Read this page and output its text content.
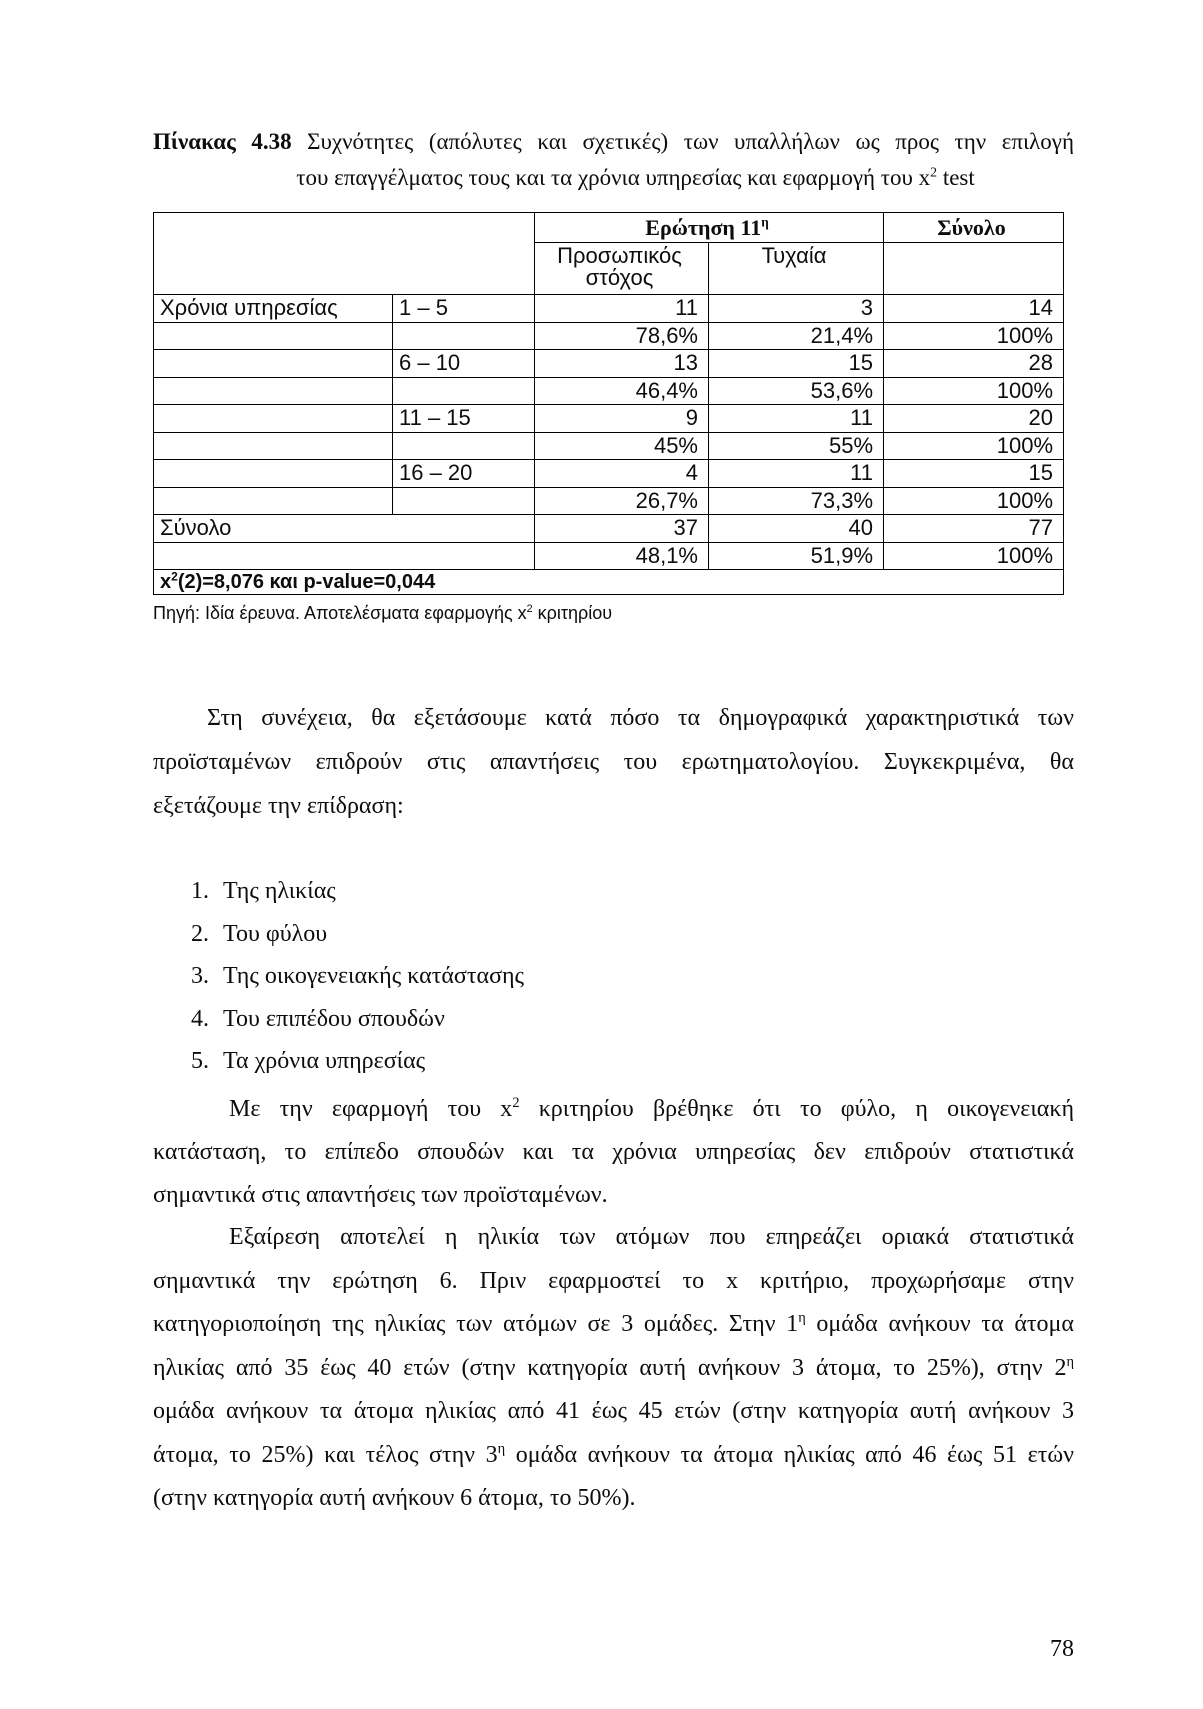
Πίνακας 4.38 Συχνότητες (απόλυτες και σχετικές) των υπαλλήλων ως προς την επιλογή
του επαγγέλματος τους και τα χρόνια υπηρεσίας και εφαρμογή του $x^2$ test
		Ερώτηση $11^\eta$		Σύνολο
		Προσωπικός στόχος	Τυχαία	
Χρόνια υπηρεσίας	1 – 5	11	3	14
		78,6%	21,4%	100%
	6 – 10	13	15	28
		46,4%	53,6%	100%
	11 – 15	9	11	20
		45%	55%	100%
	16 – 20	4	11	15
		26,7%	73,3%	100%
Σύνολο		37	40	77
		48,1%	51,9%	100%
$x^2(2)=8,076$ και p-value=0,044				
Πηγή: Ιδία έρευνα. Αποτελέσματα εφαρμογής $x^2$ κριτηρίου
Στη συνέχεια, θα εξετάσουμε κατά πόσο τα δημογραφικά χαρακτηριστικά των
προϊσταμένων επιδρούν στις απαντήσεις του ερωτηματολογίου. Συγκεκριμένα, θα
εξετάζουμε την επίδραση:
1. Της ηλικίας
2. Του φύλου
3. Της οικογενειακής κατάστασης
4. Του επιπέδου σπουδών
5. Τα χρόνια υπηρεσίας
Με την εφαρμογή του $x^2$ κριτηρίου βρέθηκε ότι το φύλο, η οικογενειακή
κατάσταση, το επίπεδο σπουδών και τα χρόνια υπηρεσίας δεν επιδρούν στατιστικά
σημαντικά στις απαντήσεις των προϊσταμένων.
Εξαίρεση αποτελεί η ηλικία των ατόμων που επηρεάζει οριακά στατιστικά
σημαντικά την ερώτηση 6. Πριν εφαρμοστεί το x κριτήριο, προχωρήσαμε στην
κατηγοριοποίηση της ηλικίας των ατόμων σε 3 ομάδες. Στην $1^\eta$ ομάδα ανήκουν τα άτομα
ηλικίας από 35 έως 40 ετών (στην κατηγορία αυτή ανήκουν 3 άτομα, το 25%), στην $2^\eta$
ομάδα ανήκουν τα άτομα ηλικίας από 41 έως 45 ετών (στην κατηγορία αυτή ανήκουν 3
άτομα, το 25%) και τέλος στην $3^\eta$ ομάδα ανήκουν τα άτομα ηλικίας από 46 έως 51 ετών
(στην κατηγορία αυτή ανήκουν 6 άτομα, το 50%).
78
